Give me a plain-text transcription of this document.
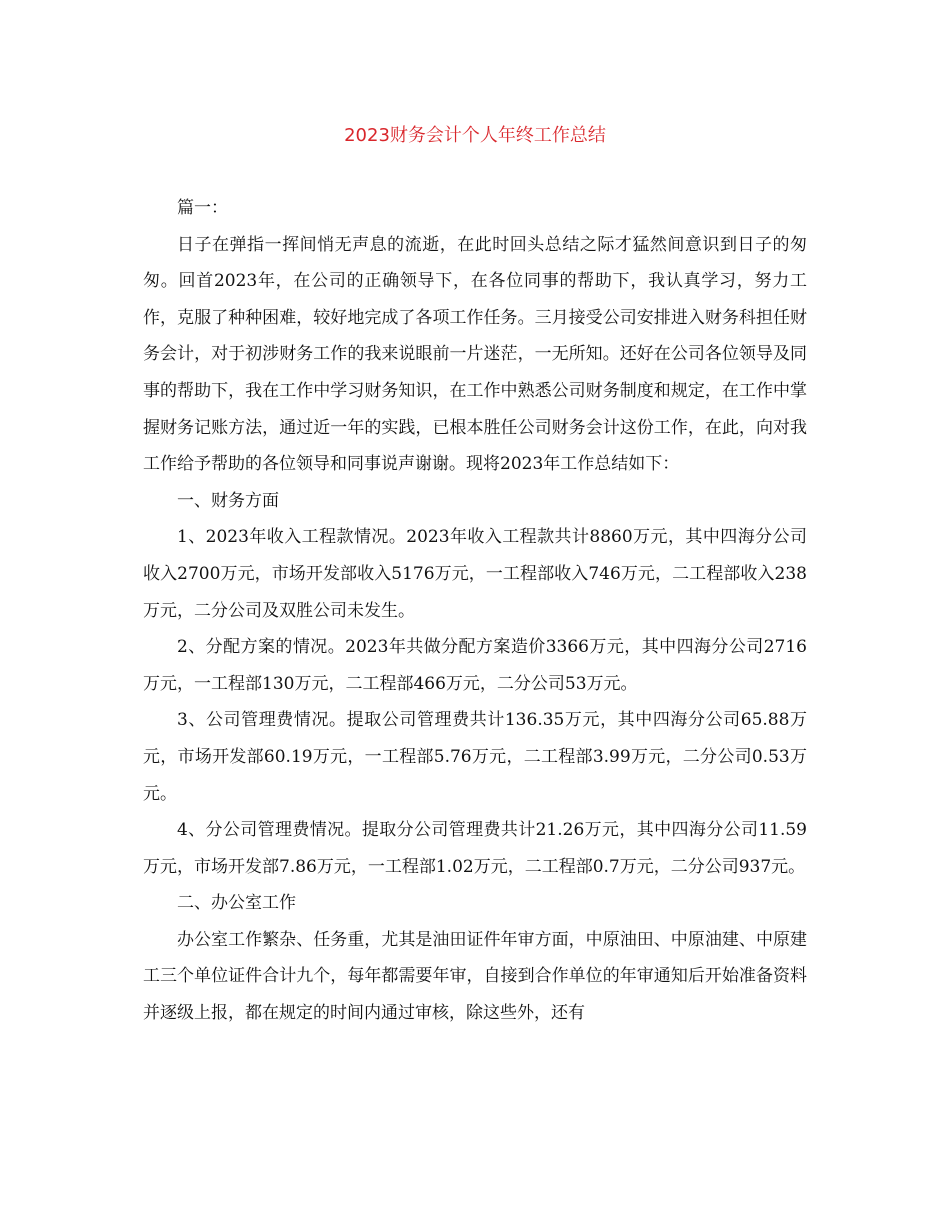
2023财务会计个人年终工作总结

篇一：

日子在弹指一挥间悄无声息的流逝，在此时回头总结之际才猛然间意识到日子的匆匆。回首2023年，在公司的正确领导下，在各位同事的帮助下，我认真学习，努力工作，克服了种种困难，较好地完成了各项工作任务。三月接受公司安排进入财务科担任财务会计，对于初涉财务工作的我来说眼前一片迷茫，一无所知。还好在公司各位领导及同事的帮助下，我在工作中学习财务知识，在工作中熟悉公司财务制度和规定，在工作中掌握财务记账方法，通过近一年的实践，已根本胜任公司财务会计这份工作，在此，向对我工作给予帮助的各位领导和同事说声谢谢。现将2023年工作总结如下：

一、财务方面

1、2023年收入工程款情况。2023年收入工程款共计8860万元，其中四海分公司收入2700万元，市场开发部收入5176万元，一工程部收入746万元，二工程部收入238万元，二分公司及双胜公司未发生。

2、分配方案的情况。2023年共做分配方案造价3366万元，其中四海分公司2716万元，一工程部130万元，二工程部466万元，二分公司53万元。

3、公司管理费情况。提取公司管理费共计136.35万元，其中四海分公司65.88万元，市场开发部60.19万元，一工程部5.76万元，二工程部3.99万元，二分公司0.53万元。

4、分公司管理费情况。提取分公司管理费共计21.26万元，其中四海分公司11.59万元，市场开发部7.86万元，一工程部1.02万元，二工程部0.7万元，二分公司937元。

二、办公室工作

办公室工作繁杂、任务重，尤其是油田证件年审方面，中原油田、中原油建、中原建工三个单位证件合计九个，每年都需要年审，自接到合作单位的年审通知后开始准备资料并逐级上报，都在规定的时间内通过审核，除这些外，还有
